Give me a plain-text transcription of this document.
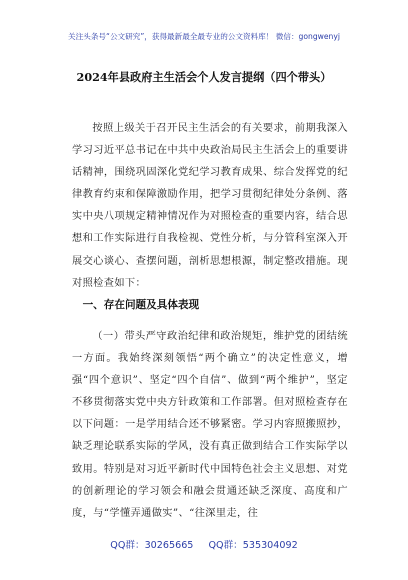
关注头条号“公文研究”，获得最新最全最专业的公文资料库！ 微信：gongwenyj
2024年县政府主生活会个人发言提纲（四个带头）

按照上级关于召开民主生活会的有关要求，前期我深入学习习近平总书记在中共中央政治局民主生活会上的重要讲话精神，围绕巩固深化党纪学习教育成果、综合发挥党的纪律教育约束和保障激励作用，把学习贯彻纪律处分条例、落实中央八项规定精神情况作为对照检查的重要内容，结合思想和工作实际进行自我检视、党性分析，与分管科室深入开展交心谈心、查摆问题，剖析思想根源，制定整改措施。现对照检查如下：

一、存在问题及具体表现

（一）带头严守政治纪律和政治规矩，维护党的团结统一方面。我始终深刻领悟“两个确立”的决定性意义，增强“四个意识”、坚定“四个自信”、做到“两个维护”，坚定不移贯彻落实党中央方针政策和工作部署。但对照检查存在以下问题：一是学用结合还不够紧密。学习内容照搬照抄，缺乏理论联系实际的学风，没有真正做到结合工作实际学以致用。特别是对习近平新时代中国特色社会主义思想、对党的创新理论的学习领会和融会贯通还缺乏深度、高度和广度，与“学懂弄通做实”、“往深里走，往

QQ群：30265665 QQ群：535304092
